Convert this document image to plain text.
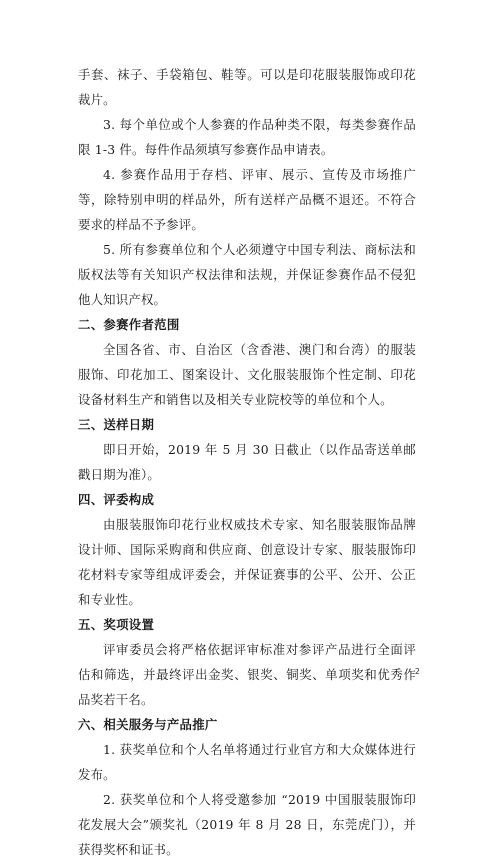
手套、袜子、手袋箱包、鞋等。可以是印花服装服饰或印花裁片。

3. 每个单位或个人参赛的作品种类不限，每类参赛作品限 1-3 件。每件作品须填写参赛作品申请表。

4. 参赛作品用于存档、评审、展示、宣传及市场推广等，除特别申明的样品外，所有送样产品概不退还。不符合要求的样品不予参评。

5. 所有参赛单位和个人必须遵守中国专利法、商标法和版权法等有关知识产权法律和法规，并保证参赛作品不侵犯他人知识产权。

二、参赛作者范围

全国各省、市、自治区（含香港、澳门和台湾）的服装服饰、印花加工、图案设计、文化服装服饰个性定制、印花设备材料生产和销售以及相关专业院校等的单位和个人。

三、送样日期

即日开始，2019 年 5 月 30 日截止（以作品寄送单邮戳日期为准）。

四、评委构成

由服装服饰印花行业权威技术专家、知名服装服饰品牌设计师、国际采购商和供应商、创意设计专家、服装服饰印花材料专家等组成评委会，并保证赛事的公平、公开、公正和专业性。

五、奖项设置

评审委员会将严格依据评审标准对参评产品进行全面评估和筛选，并最终评出金奖、银奖、铜奖、单项奖和优秀作品奖若干名。

六、相关服务与产品推广

1. 获奖单位和个人名单将通过行业官方和大众媒体进行发布。

2. 获奖单位和个人将受邀参加 “2019 中国服装服饰印花发展大会”颁奖礼（2019 年 8 月 28 日，东莞虎门），并获得奖杯和证书。

2
